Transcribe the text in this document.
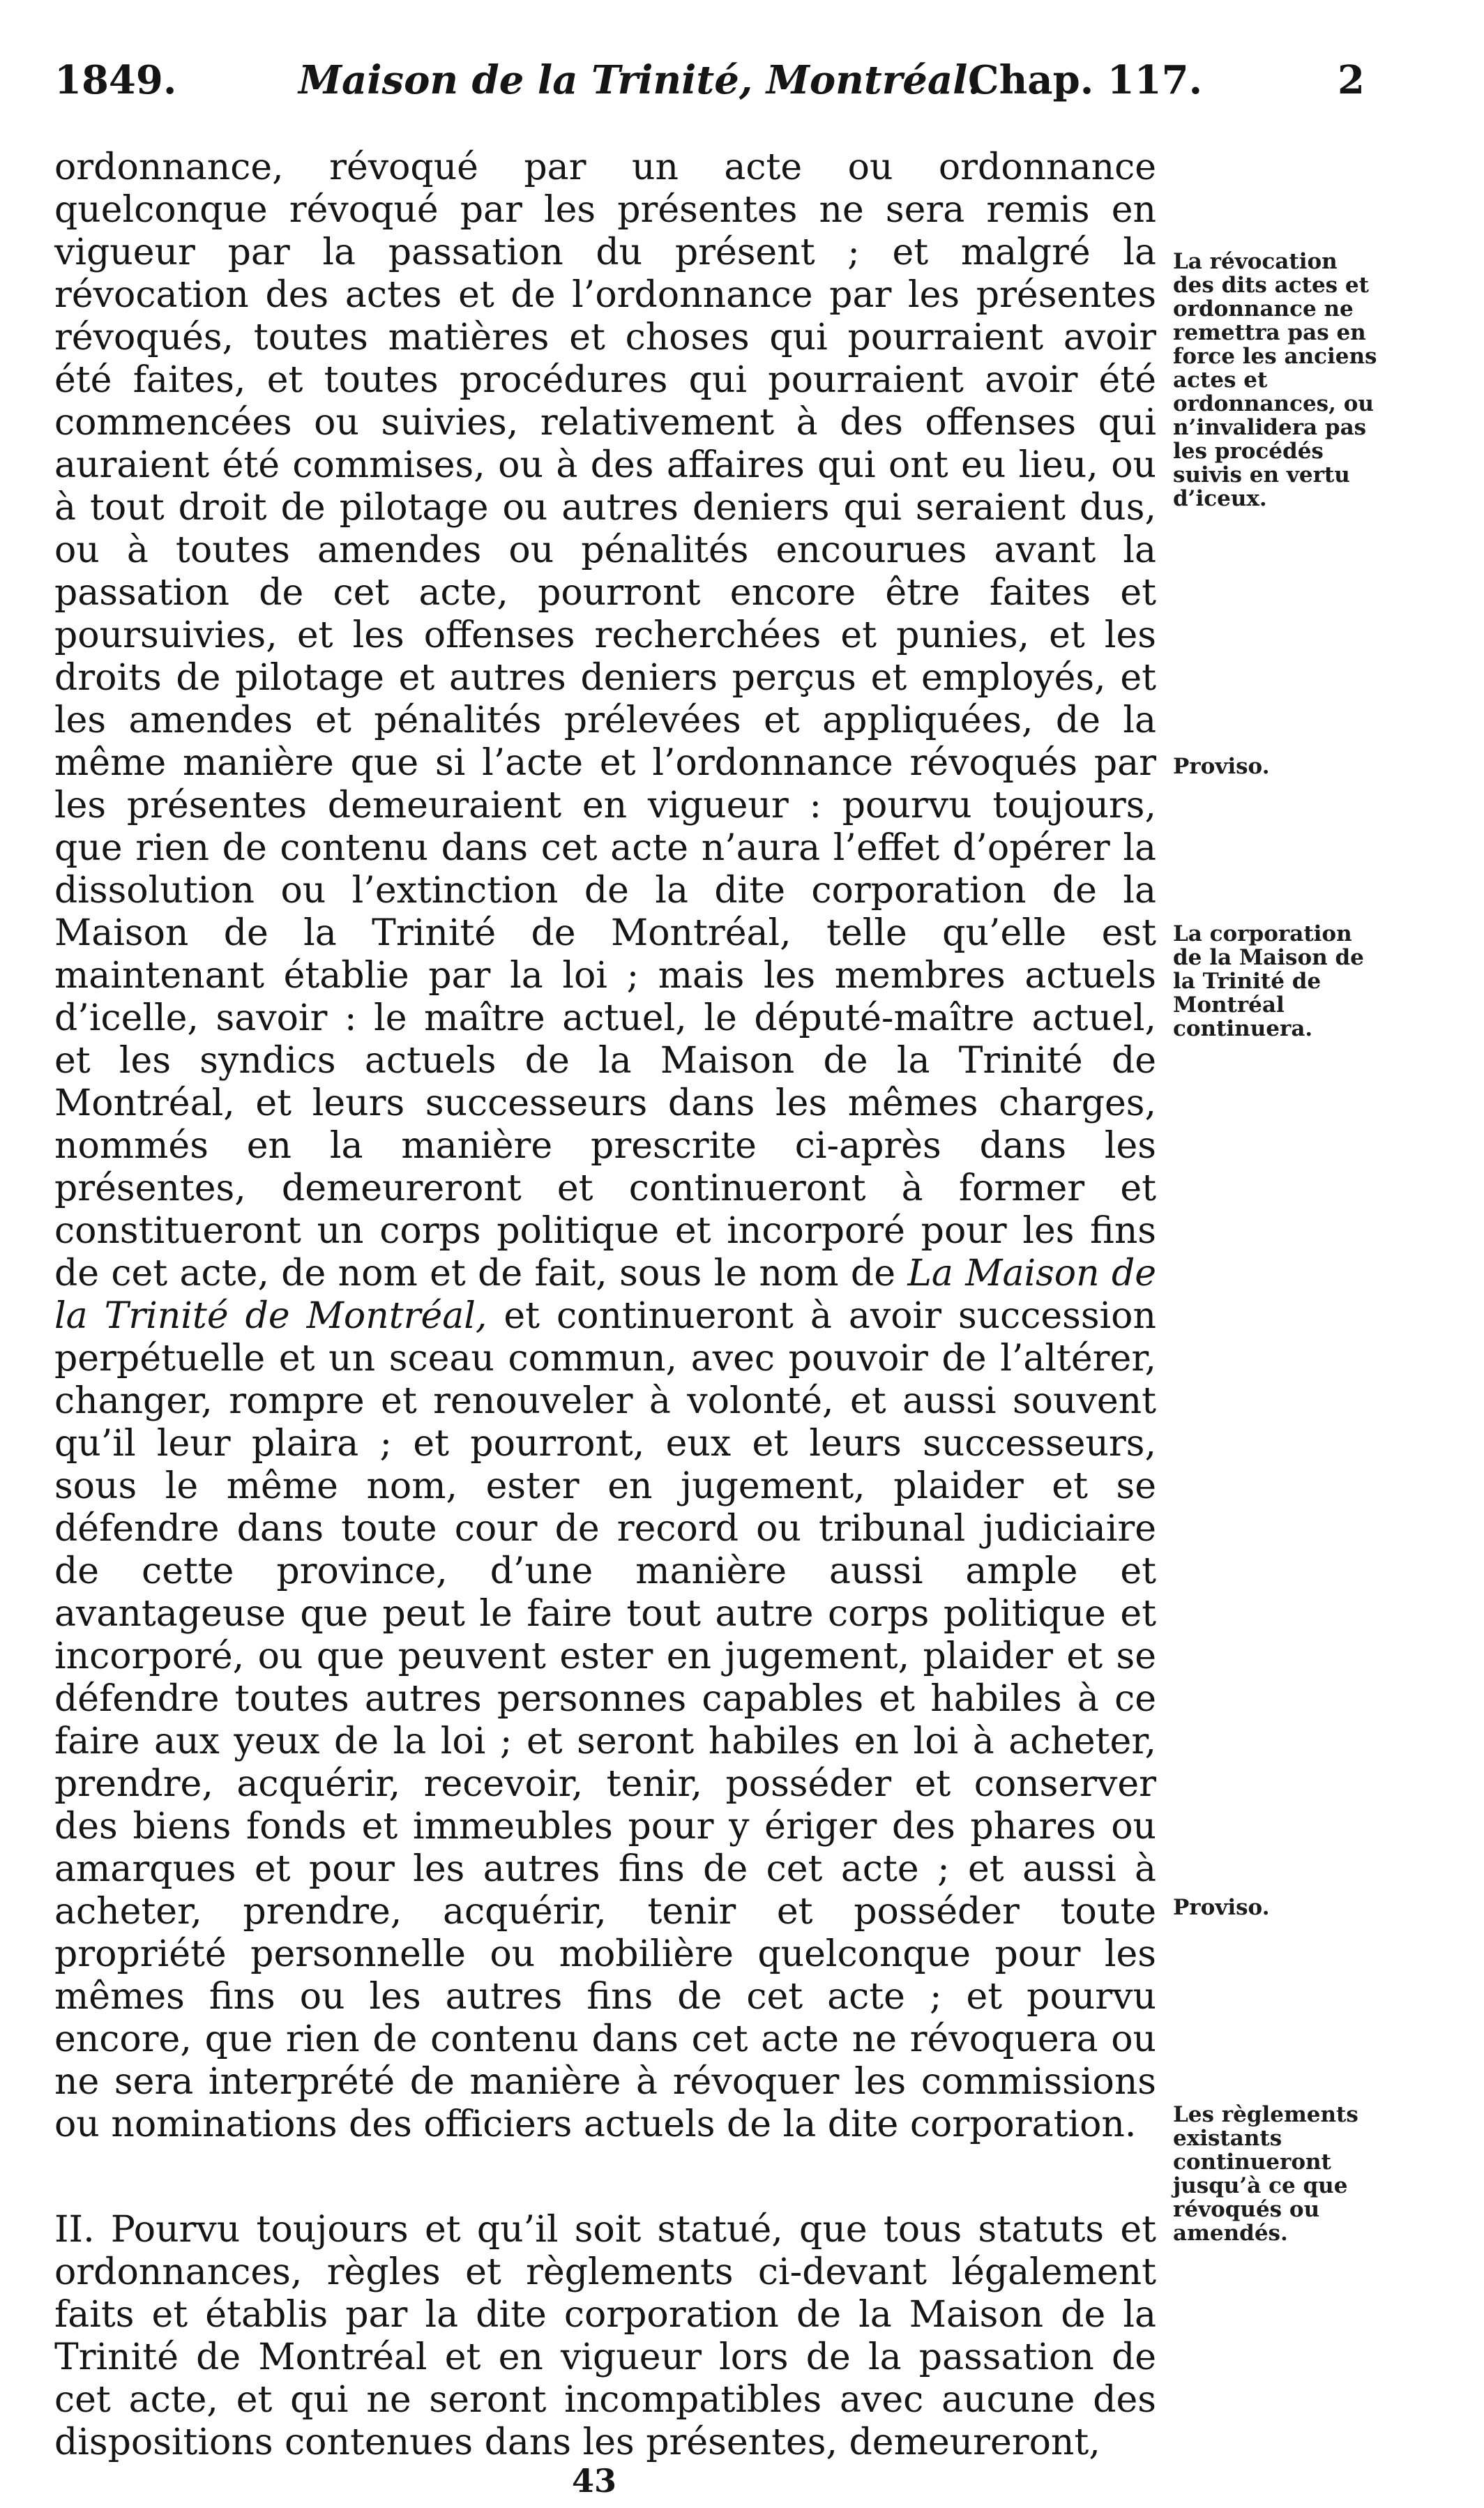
1849.	Maison de la Trinité, Montréal.
Chap. 117.	2

ordonnance, révoqué par un acte ou ordonnance quelconque révoqué par les présentes ne sera remis en vigueur par la passation du présent ; et malgré la révocation des actes et de l’ordonnance par les présentes révoqués, toutes matières et choses qui pourraient avoir été faites, et toutes procédures qui pourraient avoir été commencées ou suivies, relativement à des offenses qui auraient été commises, ou à des affaires qui ont eu lieu, ou à tout droit de pilotage ou autres deniers qui seraient dus, ou à toutes amendes ou pénalités encourues avant la passation de cet acte, pourront encore être faites et poursuivies, et les offenses recherchées et punies, et les droits de pilotage et autres deniers perçus et employés, et les amendes et pénalités prélevées et appliquées, de la même manière que si l’acte et l’ordonnance révoqués par les présentes demeuraient en vigueur : pourvu toujours, que rien de contenu dans cet acte n’aura l’effet d’opérer la dissolution ou l’extinction de la dite corporation de la Maison de la Trinité de Montréal, telle qu’elle est maintenant établie par la loi ; mais les membres actuels d’icelle, savoir : le maître actuel, le député-maître actuel, et les syndics actuels de la Maison de la Trinité de Montréal, et leurs successeurs dans les mêmes charges, nommés en la manière prescrite ci-après dans les présentes, demeureront et continueront à former et constitueront un corps politique et incorporé pour les fins de cet acte, de nom et de fait, sous le nom de La Maison de la Trinité de Montréal, et continueront à avoir succession perpétuelle et un sceau commun, avec pouvoir de l’altérer, changer, rompre et renouveler à volonté, et aussi souvent qu’il leur plaira ; et pourront, eux et leurs successeurs, sous le même nom, ester en jugement, plaider et se défendre dans toute cour de record ou tribunal judiciaire de cette province, d’une manière aussi ample et avantageuse que peut le faire tout autre corps politique et incorporé, ou que peuvent ester en jugement, plaider et se défendre toutes autres personnes capables et habiles à ce faire aux yeux de la loi ; et seront habiles en loi à acheter, prendre, acquérir, recevoir, tenir, posséder et conserver des biens fonds et immeubles pour y ériger des phares ou amarques et pour les autres fins de cet acte ; et aussi à acheter, prendre, acquérir, tenir et posséder toute propriété personnelle ou mobilière quelconque pour les mêmes fins ou les autres fins de cet acte ; et pourvu encore, que rien de contenu dans cet acte ne révoquera ou ne sera interprété de manière à révoquer les commissions ou nominations des officiers actuels de la dite corporation.

II. Pourvu toujours et qu’il soit statué, que tous statuts et ordonnances, règles et règlements ci-devant légalement faits et établis par la dite corporation de la Maison de la Trinité de Montréal et en vigueur lors de la passation de cet acte, et qui ne seront incompatibles avec aucune des dispositions contenues dans les présentes, demeureront,

La révocation des dits actes et ordonnance ne remettra pas en force les anciens actes et ordonnances, ou n’invalidera pas les procédés suivis en vertu d’iceux.
Proviso.
La corporation de la Maison de la Trinité de Montréal continuera.
Proviso.
Les règlements existants continueront jusqu’à ce que révoqués ou amendés.
43
